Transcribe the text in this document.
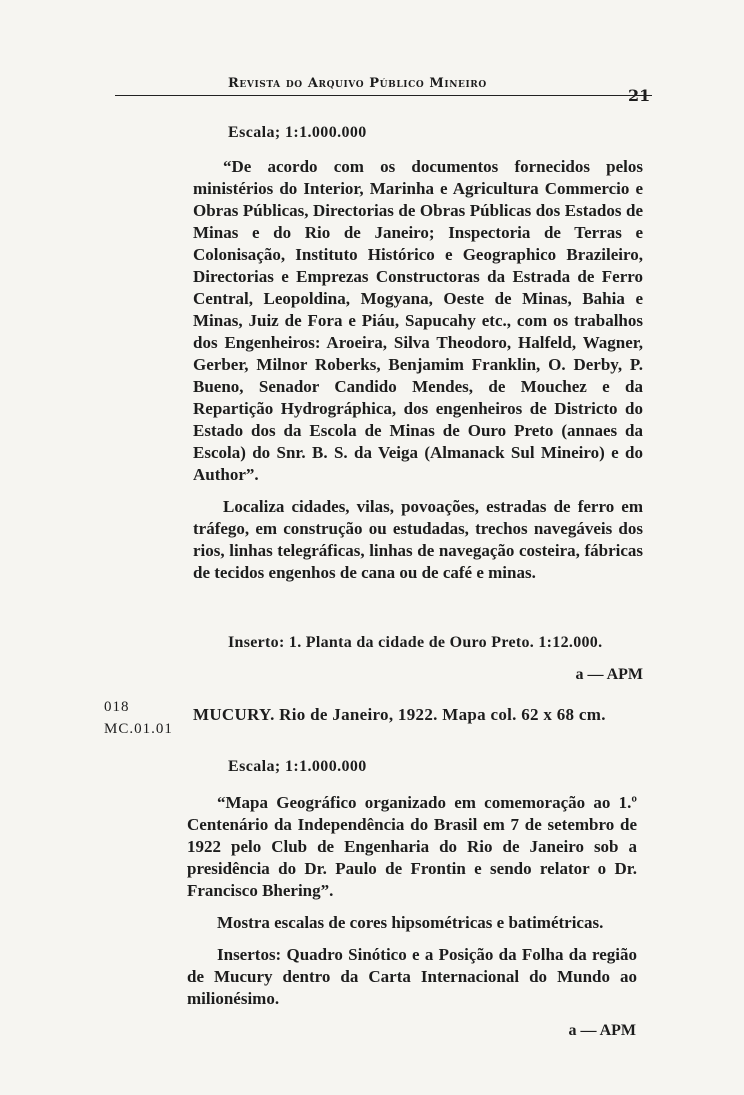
Revista do Arquivo Público Mineiro
21
Escala; 1:1.000.000

“De acordo com os documentos fornecidos pelos ministérios do Interior, Marinha e Agricultura Commercio e Obras Públicas, Directorias de Obras Públicas dos Estados de Minas e do Rio de Janeiro; Inspectoria de Terras e Colonisação, Instituto Histórico e Geographico Brazileiro, Directorias e Emprezas Constructoras da Estrada de Ferro Central, Leopoldina, Mogyana, Oeste de Minas, Bahia e Minas, Juiz de Fora e Piáu, Sapucahy etc., com os trabalhos dos Engenheiros: Aroeira, Silva Theodoro, Halfeld, Wagner, Gerber, Milnor Roberks, Benjamim Franklin, O. Derby, P. Bueno, Senador Candido Mendes, de Mouchez e da Repartição Hydrográphica, dos engenheiros de Districto do Estado dos da Escola de Minas de Ouro Preto (annaes da Escola) do Snr. B. S. da Veiga (Almanack Sul Mineiro) e do Author”.

Localiza cidades, vilas, povoações, estradas de ferro em tráfego, em construção ou estudadas, trechos navegáveis dos rios, linhas telegráficas, linhas de navegação costeira, fábricas de tecidos engenhos de cana ou de café e minas.

Inserto: 1. Planta da cidade de Ouro Preto. 1:12.000.
a — APM
018
MC.01.01
MUCURY. Rio de Janeiro, 1922. Mapa col. 62 x 68 cm.
Escala; 1:1.000.000

“Mapa Geográfico organizado em comemoração ao 1.º Centenário da Independência do Brasil em 7 de setembro de 1922 pelo Club de Engenharia do Rio de Janeiro sob a presidência do Dr. Paulo de Frontin e sendo relator o Dr. Francisco Bhering”.

Mostra escalas de cores hipsométricas e batimétricas.

Insertos: Quadro Sinótico e a Posição da Folha da região de Mucury dentro da Carta Internacional do Mundo ao milionésimo.

a — APM
